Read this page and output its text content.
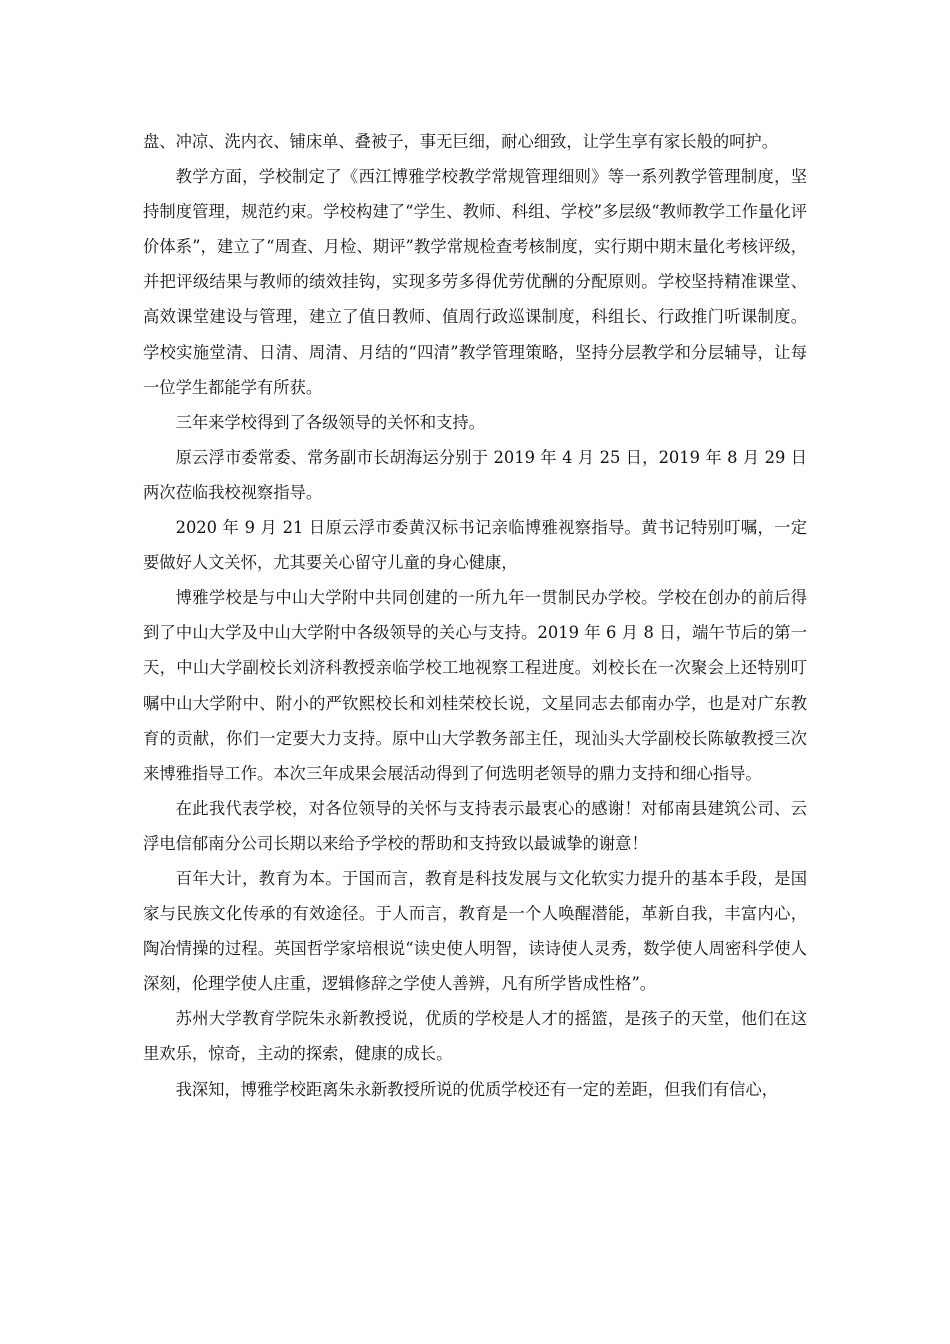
盘、冲凉、洗内衣、铺床单、叠被子，事无巨细，耐心细致，让学生享有家长般的呵护。

教学方面，学校制定了《西江博雅学校教学常规管理细则》等一系列教学管理制度，坚持制度管理，规范约束。学校构建了“学生、教师、科组、学校”多层级“教师教学工作量化评价体系”，建立了“周查、月检、期评”教学常规检查考核制度，实行期中期末量化考核评级，并把评级结果与教师的绩效挂钩，实现多劳多得优劳优酬的分配原则。学校坚持精准课堂、高效课堂建设与管理，建立了值日教师、值周行政巡课制度，科组长、行政推门听课制度。学校实施堂清、日清、周清、月结的“四清”教学管理策略，坚持分层教学和分层辅导，让每一位学生都能学有所获。

三年来学校得到了各级领导的关怀和支持。

原云浮市委常委、常务副市长胡海运分别于 2019 年 4 月 25 日，2019 年 8 月 29 日两次莅临我校视察指导。

2020 年 9 月 21 日原云浮市委黄汉标书记亲临博雅视察指导。黄书记特别叮嘱，一定要做好人文关怀，尤其要关心留守儿童的身心健康，

博雅学校是与中山大学附中共同创建的一所九年一贯制民办学校。学校在创办的前后得到了中山大学及中山大学附中各级领导的关心与支持。2019 年 6 月 8 日，端午节后的第一天，中山大学副校长刘济科教授亲临学校工地视察工程进度。刘校长在一次聚会上还特别叮嘱中山大学附中、附小的严钦熙校长和刘桂荣校长说，文星同志去郁南办学，也是对广东教育的贡献，你们一定要大力支持。原中山大学教务部主任，现汕头大学副校长陈敏教授三次来博雅指导工作。本次三年成果会展活动得到了何选明老领导的鼎力支持和细心指导。

在此我代表学校，对各位领导的关怀与支持表示最衷心的感谢！对郁南县建筑公司、云浮电信郁南分公司长期以来给予学校的帮助和支持致以最诚挚的谢意！

百年大计，教育为本。于国而言，教育是科技发展与文化软实力提升的基本手段，是国家与民族文化传承的有效途径。于人而言，教育是一个人唤醒潜能，革新自我，丰富内心，陶冶情操的过程。英国哲学家培根说“读史使人明智，读诗使人灵秀，数学使人周密科学使人深刻，伦理学使人庄重，逻辑修辞之学使人善辨，凡有所学皆成性格”。

苏州大学教育学院朱永新教授说，优质的学校是人才的摇篮，是孩子的天堂，他们在这里欢乐，惊奇，主动的探索，健康的成长。

我深知，博雅学校距离朱永新教授所说的优质学校还有一定的差距，但我们有信心，
